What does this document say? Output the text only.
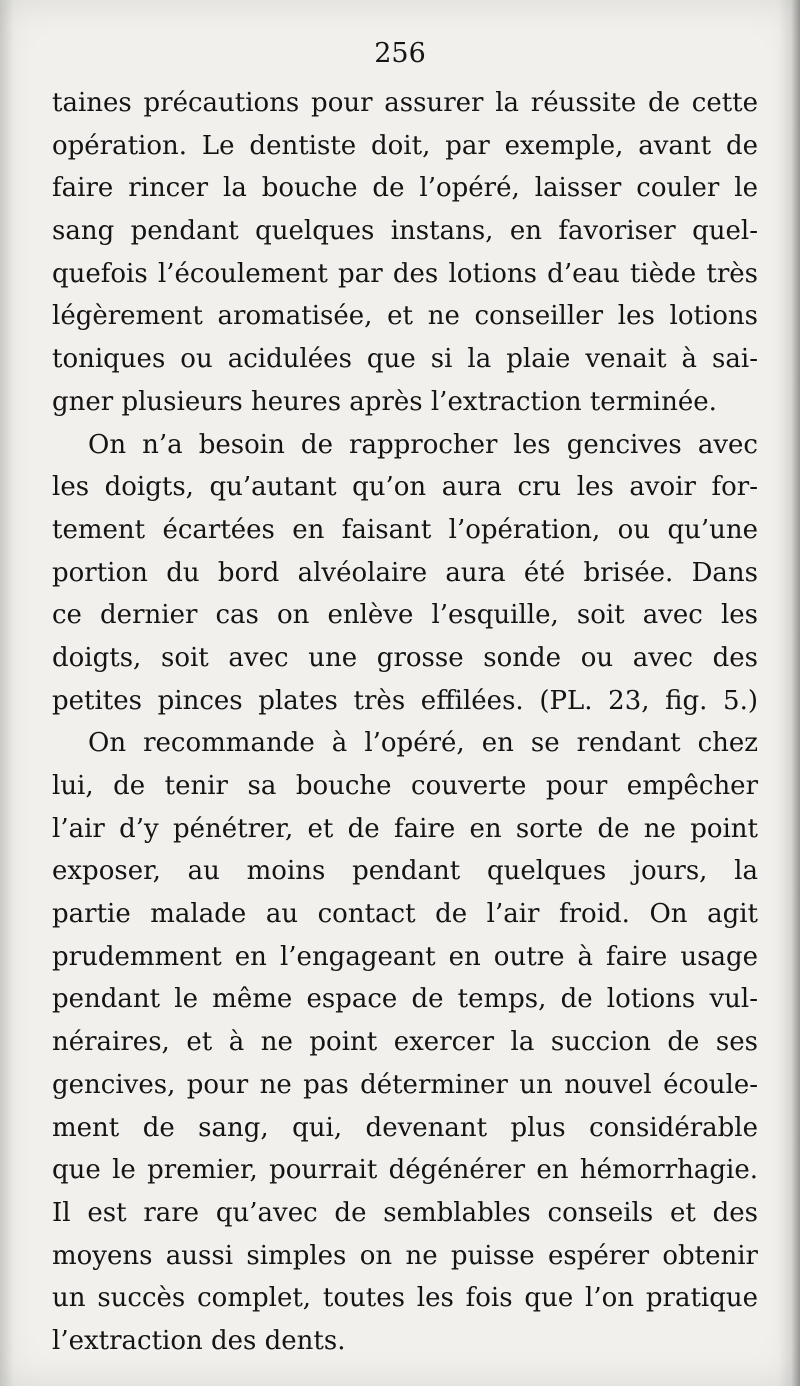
256
taines précautions pour assurer la réussite de cette
opération. Le dentiste doit, par exemple, avant de
faire rincer la bouche de l’opéré, laisser couler le
sang pendant quelques instans, en favoriser quel-
quefois l’écoulement par des lotions d’eau tiède très
légèrement aromatisée, et ne conseiller les lotions
toniques ou acidulées que si la plaie venait à sai-
gner plusieurs heures après l’extraction terminée.
On n’a besoin de rapprocher les gencives avec
les doigts, qu’autant qu’on aura cru les avoir for-
tement écartées en faisant l’opération, ou qu’une
portion du bord alvéolaire aura été brisée. Dans
ce dernier cas on enlève l’esquille, soit avec les
doigts, soit avec une grosse sonde ou avec des
petites pinces plates très effilées. (PL. 23, fig. 5.)
On recommande à l’opéré, en se rendant chez
lui, de tenir sa bouche couverte pour empêcher
l’air d’y pénétrer, et de faire en sorte de ne point
exposer, au moins pendant quelques jours, la
partie malade au contact de l’air froid. On agit
prudemment en l’engageant en outre à faire usage
pendant le même espace de temps, de lotions vul-
néraires, et à ne point exercer la succion de ses
gencives, pour ne pas déterminer un nouvel écoule-
ment de sang, qui, devenant plus considérable
que le premier, pourrait dégénérer en hémorrhagie.
Il est rare qu’avec de semblables conseils et des
moyens aussi simples on ne puisse espérer obtenir
un succès complet, toutes les fois que l’on pratique
l’extraction des dents.
